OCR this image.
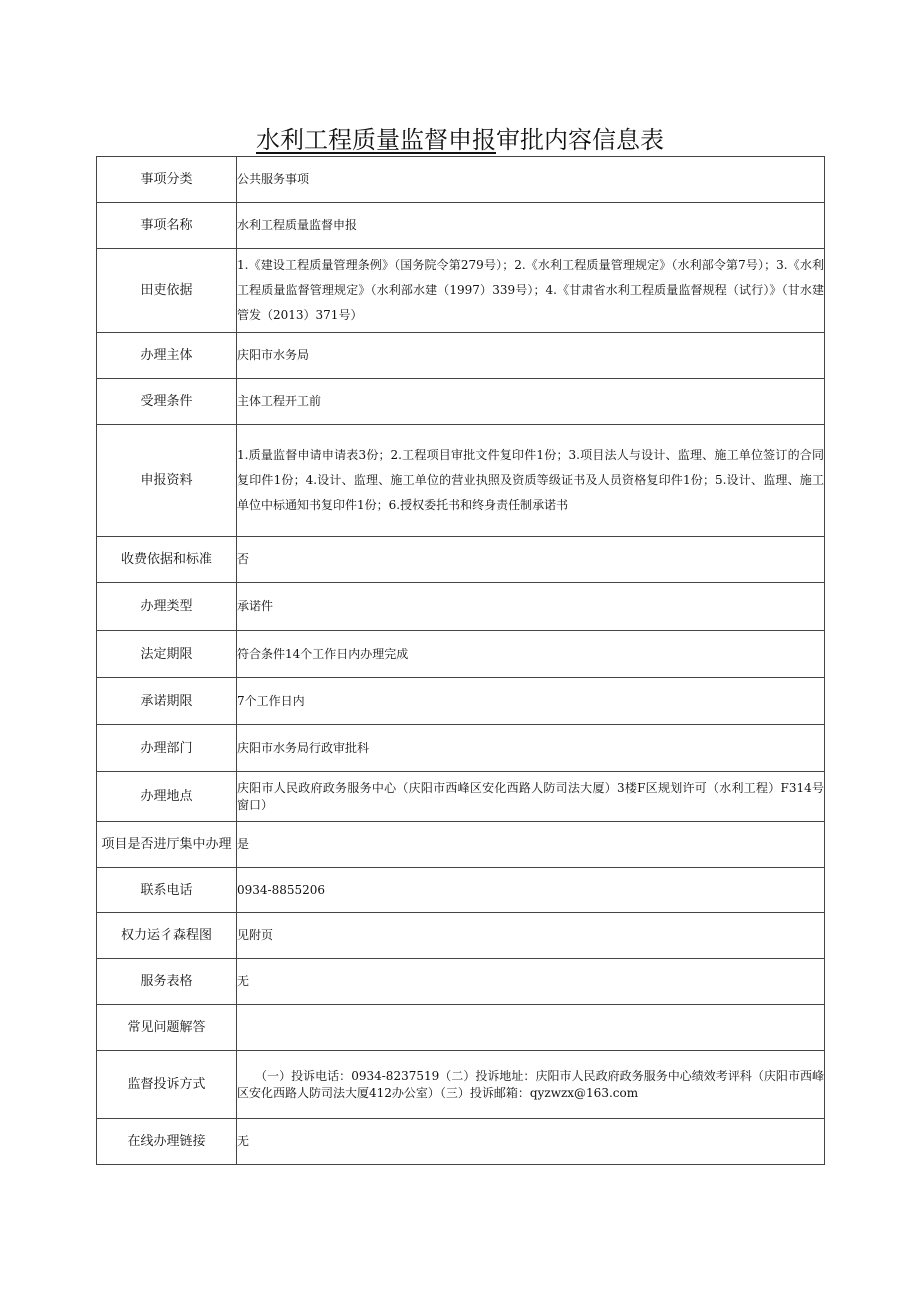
水利工程质量监督申报审批内容信息表
事项分类	公共服务事项
事项名称	水利工程质量监督申报
田吏依据	1.《建设工程质量管理条例》（国务院令第279号）；2.《水利工程质量管理规定》（水利部令第7号）；3.《水利工程质量监督管理规定》（水利部水建（1997）339号）；4.《甘肃省水利工程质量监督规程（试行）》（甘水建管发（2013）371号）
办理主体	庆阳市水务局
受理条件	主体工程开工前
申报资料	1.质量监督申请申请表3份；2.工程项目审批文件复印件1份；3.项目法人与设计、监理、施工单位签订的合同复印件1份；4.设计、监理、施工单位的营业执照及资质等级证书及人员资格复印件1份；5.设计、监理、施工单位中标通知书复印件1份；6.授权委托书和终身责任制承诺书
收费依据和标准	否
办理类型	承诺件
法定期限	符合条件14个工作日内办理完成
承诺期限	7个工作日内
办理部门	庆阳市水务局行政审批科
办理地点	庆阳市人民政府政务服务中心（庆阳市西峰区安化西路人防司法大厦）3楼F区规划许可（水利工程）F314号窗口）
项目是否进厅集中办理	是
联系电话	0934-8855206
权力运彳森程图	见附页
服务表格	无
常见问题解答	
监督投诉方式	（一）投诉电话：0934-8237519（二）投诉地址：庆阳市人民政府政务服务中心绩效考评科（庆阳市西峰区安化西路人防司法大厦412办公室）（三）投诉邮箱：qyzwzx@163.com
在线办理链接	无
